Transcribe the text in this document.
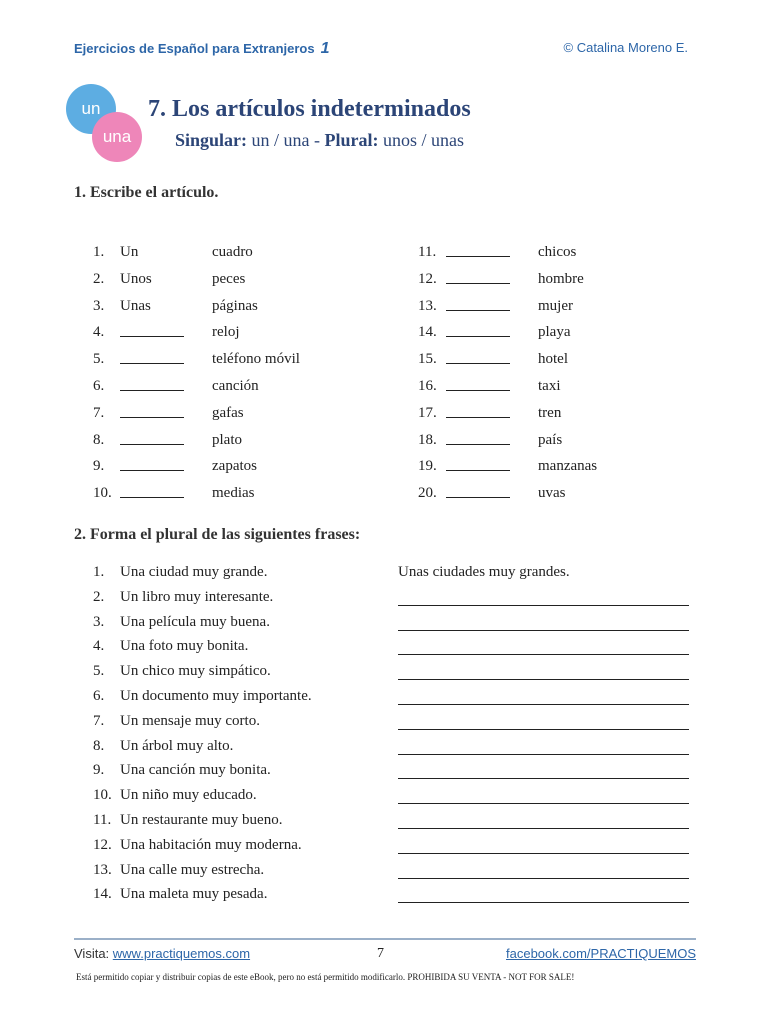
Ejercicios de Español para Extranjeros 1	© Catalina Moreno E.
un
una
7. Los artículos indeterminados
Singular: un / una - Plural: unos / unas
1. Escribe el artículo.
1. Un	cuadro
2. Unos	peces
3. Unas	páginas
4.	reloj
5.	teléfono móvil
6.	canción
7.	gafas
8.	plato
9.	zapatos
10.	medias
11.	chicos
12.	hombre
13.	mujer
14.	playa
15.	hotel
16.	taxi
17.	tren
18.	país
19.	manzanas
20.	uvas
2. Forma el plural de las siguientes frases:
1. Una ciudad muy grande.	Unas ciudades muy grandes.
2. Un libro muy interesante.
3. Una película muy buena.
4. Una foto muy bonita.
5. Un chico muy simpático.
6. Un documento muy importante.
7. Un mensaje muy corto.
8. Un árbol muy alto.
9. Una canción muy bonita.
10. Un niño muy educado.
11. Un restaurante muy bueno.
12. Una habitación muy moderna.
13. Una calle muy estrecha.
14. Una maleta muy pesada.
Visita: www.practiquemos.com	7	facebook.com/PRACTIQUEMOS
Está permitido copiar y distribuir copias de este eBook, pero no está permitido modificarlo. PROHIBIDA SU VENTA - NOT FOR SALE!
